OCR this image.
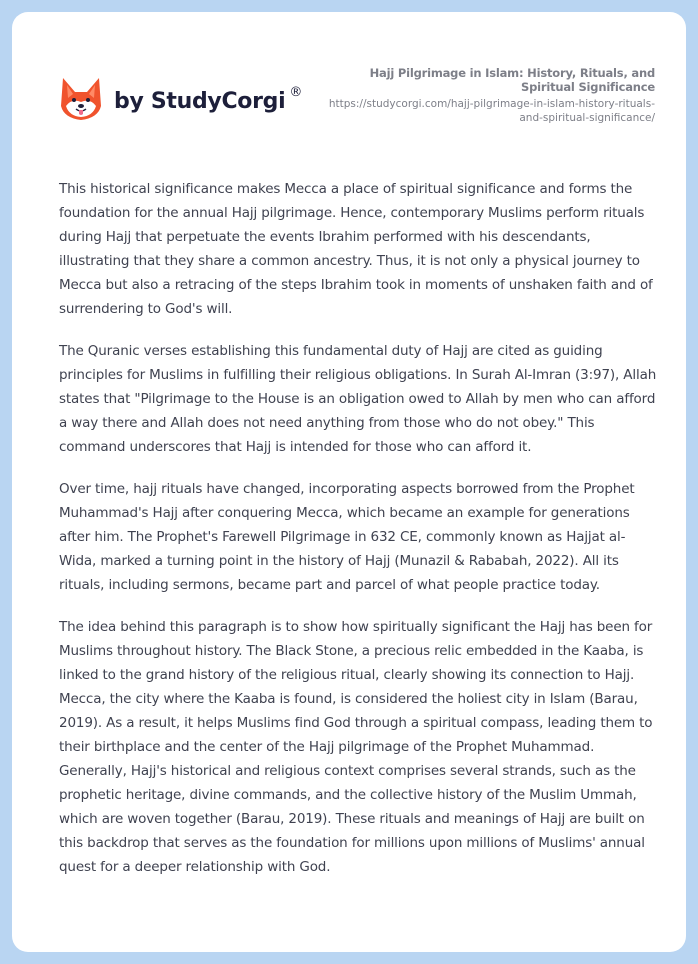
by StudyCorgi ®
Hajj Pilgrimage in Islam: History, Rituals, and Spiritual Significance
https://studycorgi.com/hajj-pilgrimage-in-islam-history-rituals-and-spiritual-significance/

This historical significance makes Mecca a place of spiritual significance and forms the foundation for the annual Hajj pilgrimage. Hence, contemporary Muslims perform rituals during Hajj that perpetuate the events Ibrahim performed with his descendants, illustrating that they share a common ancestry. Thus, it is not only a physical journey to Mecca but also a retracing of the steps Ibrahim took in moments of unshaken faith and of surrendering to God's will.

The Quranic verses establishing this fundamental duty of Hajj are cited as guiding principles for Muslims in fulfilling their religious obligations. In Surah Al-Imran (3:97), Allah states that "Pilgrimage to the House is an obligation owed to Allah by men who can afford a way there and Allah does not need anything from those who do not obey." This command underscores that Hajj is intended for those who can afford it.

Over time, hajj rituals have changed, incorporating aspects borrowed from the Prophet Muhammad's Hajj after conquering Mecca, which became an example for generations after him. The Prophet's Farewell Pilgrimage in 632 CE, commonly known as Hajjat al-Wida, marked a turning point in the history of Hajj (Munazil & Rababah, 2022). All its rituals, including sermons, became part and parcel of what people practice today.

The idea behind this paragraph is to show how spiritually significant the Hajj has been for Muslims throughout history. The Black Stone, a precious relic embedded in the Kaaba, is linked to the grand history of the religious ritual, clearly showing its connection to Hajj. Mecca, the city where the Kaaba is found, is considered the holiest city in Islam (Barau, 2019). As a result, it helps Muslims find God through a spiritual compass, leading them to their birthplace and the center of the Hajj pilgrimage of the Prophet Muhammad. Generally, Hajj's historical and religious context comprises several strands, such as the prophetic heritage, divine commands, and the collective history of the Muslim Ummah, which are woven together (Barau, 2019). These rituals and meanings of Hajj are built on this backdrop that serves as the foundation for millions upon millions of Muslims' annual quest for a deeper relationship with God.
